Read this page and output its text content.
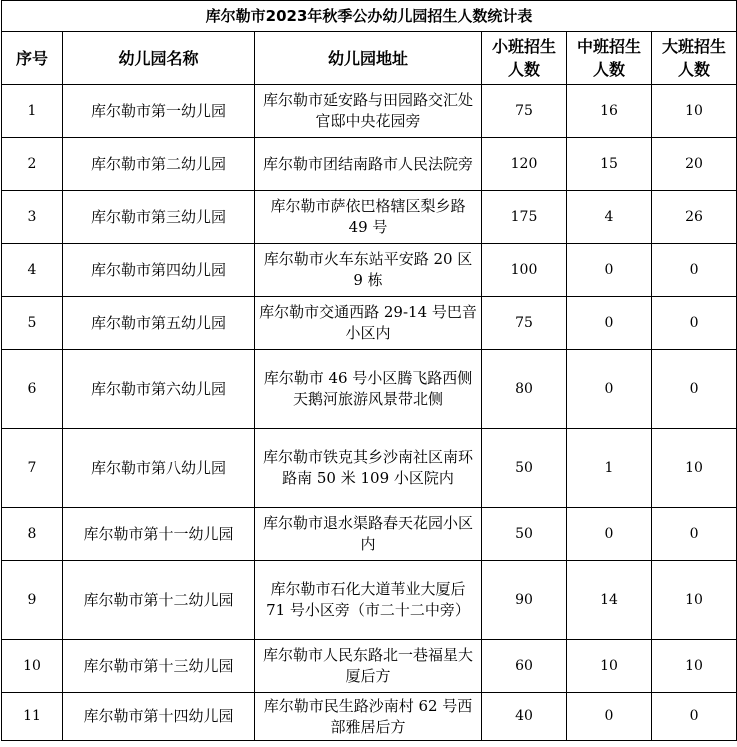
库尔勒市2023年秋季公办幼儿园招生人数统计表					
序号	幼儿园名称	幼儿园地址	小班招生人数	中班招生人数	大班招生人数
1	库尔勒市第一幼儿园	库尔勒市延安路与田园路交汇处官邸中央花园旁	75	16	10
2	库尔勒市第二幼儿园	库尔勒市团结南路市人民法院旁	120	15	20
3	库尔勒市第三幼儿园	库尔勒市萨依巴格辖区梨乡路 49 号	175	4	26
4	库尔勒市第四幼儿园	库尔勒市火车东站平安路 20 区 9 栋	100	0	0
5	库尔勒市第五幼儿园	库尔勒市交通西路 29-14 号巴音小区内	75	0	0
6	库尔勒市第六幼儿园	库尔勒市 46 号小区腾飞路西侧天鹅河旅游风景带北侧	80	0	0
7	库尔勒市第八幼儿园	库尔勒市铁克其乡沙南社区南环路南 50 米 109 小区院内	50	1	10
8	库尔勒市第十一幼儿园	库尔勒市退水渠路春天花园小区内	50	0	0
9	库尔勒市第十二幼儿园	库尔勒市石化大道苇业大厦后 71 号小区旁（市二十二中旁）	90	14	10
10	库尔勒市第十三幼儿园	库尔勒市人民东路北一巷福星大厦后方	60	10	10
11	库尔勒市第十四幼儿园	库尔勒市民生路沙南村 62 号西部雅居后方	40	0	0
